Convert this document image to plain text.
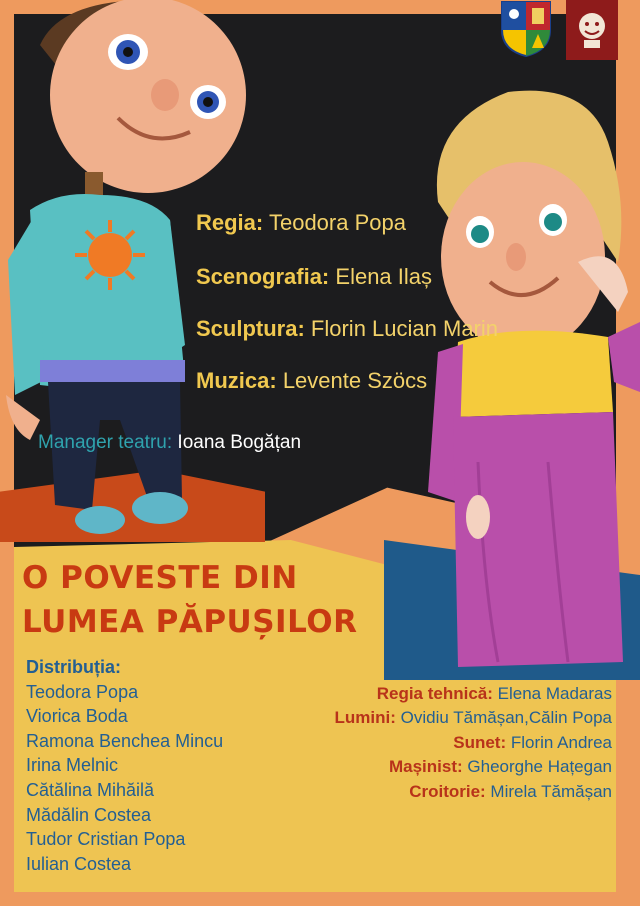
Regia: Teodora Popa
Scenografia: Elena Ilaș
Sculptura: Florin Lucian Marin
Muzica: Levente Szöcs
Manager teatru: Ioana Bogățan
O POVESTE DIN
LUMEA PĂPUȘILOR
Distribuția:
Teodora Popa
Viorica Boda
Ramona Benchea Mincu
Irina Melnic
Cătălina Mihăilă
Mădălin Costea
Tudor Cristian Popa
Iulian Costea
Regia tehnică: Elena Madaras
Lumini: Ovidiu Tămășan,Călin Popa
Sunet: Florin Andrea
Mașinist: Gheorghe Hațegan
Croitorie: Mirela Tămășan
